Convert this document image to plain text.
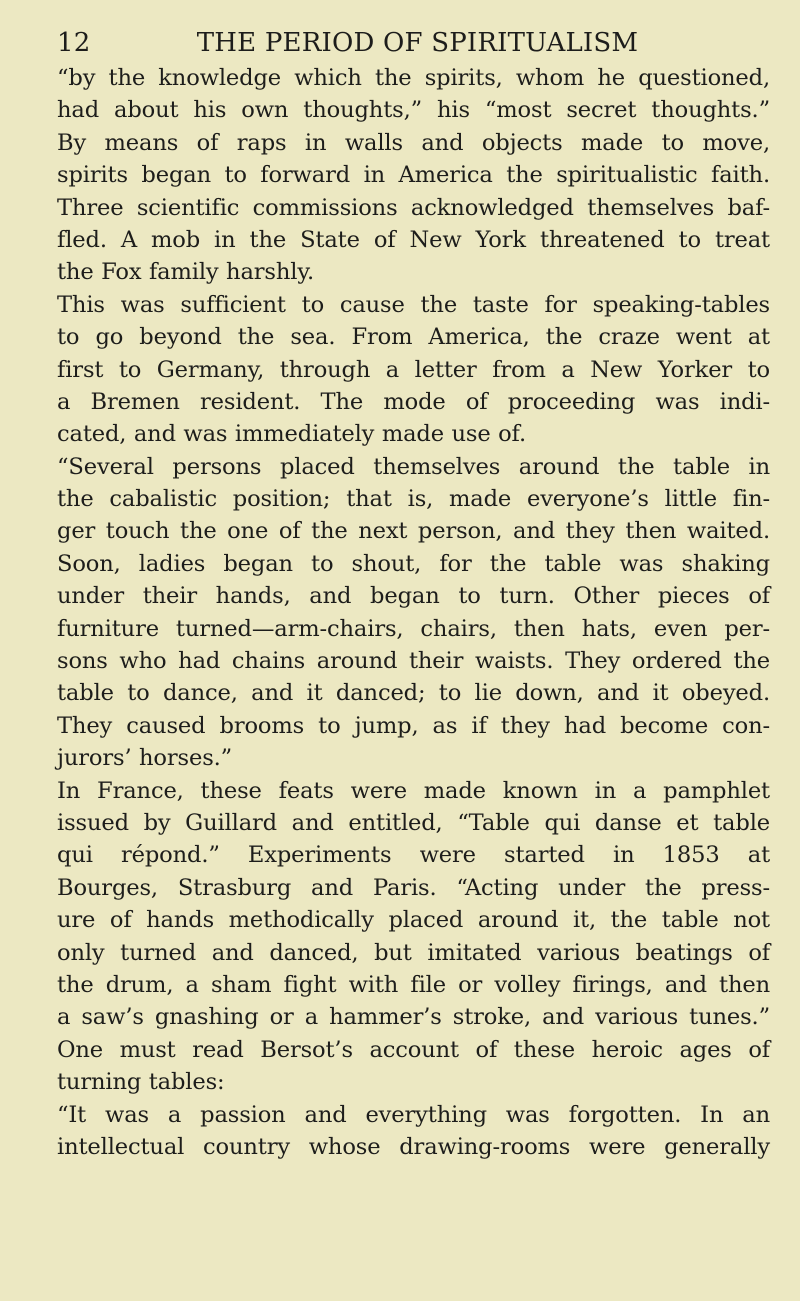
12	THE PERIOD OF SPIRITUALISM
“by the knowledge which the spirits, whom he questioned,
had about his own thoughts,” his “most secret thoughts.”
By means of raps in walls and objects made to move,
spirits began to forward in America the spiritualistic faith.
Three scientific commissions acknowledged themselves baf-
fled. A mob in the State of New York threatened to treat
the Fox family harshly.
This was sufficient to cause the taste for speaking-tables
to go beyond the sea. From America, the craze went at
first to Germany, through a letter from a New Yorker to
a Bremen resident. The mode of proceeding was indi-
cated, and was immediately made use of.
“Several persons placed themselves around the table in
the cabalistic position; that is, made everyone’s little fin-
ger touch the one of the next person, and they then waited.
Soon, ladies began to shout, for the table was shaking
under their hands, and began to turn. Other pieces of
furniture turned—arm-chairs, chairs, then hats, even per-
sons who had chains around their waists. They ordered the
table to dance, and it danced; to lie down, and it obeyed.
They caused brooms to jump, as if they had become con-
jurors’ horses.”
In France, these feats were made known in a pamphlet
issued by Guillard and entitled, “Table qui danse et table
qui répond.” Experiments were started in 1853 at
Bourges, Strasburg and Paris. “Acting under the press-
ure of hands methodically placed around it, the table not
only turned and danced, but imitated various beatings of
the drum, a sham fight with file or volley firings, and then
a saw’s gnashing or a hammer’s stroke, and various tunes.”
One must read Bersot’s account of these heroic ages of
turning tables:
“It was a passion and everything was forgotten. In an
intellectual country whose drawing-rooms were generally
